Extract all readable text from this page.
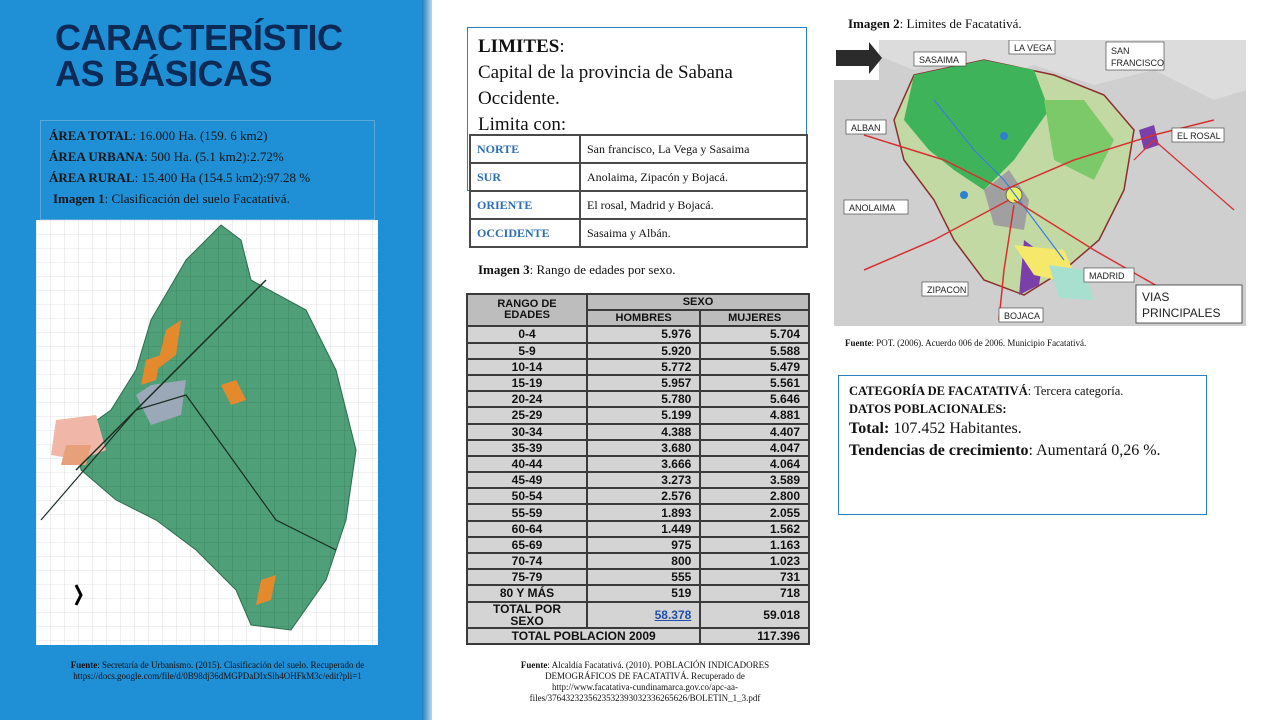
CARACTERÍSTIC AS BÁSICAS
ÁREA TOTAL: 16.000 Ha. (159. 6 km2)
ÁREA URBANA: 500 Ha. (5.1 km2):2.72%
ÁREA RURAL: 15.400 Ha (154.5 km2):97.28 %
Imagen 1: Clasificación del suelo Facatativá.
Fuente: Secretaría de Urbanismo. (2015). Clasificación del suelo. Recuperado de https://docs.google.com/file/d/0B98dj36dMGPDaDIxSlh4OHFkM3c/edit?pli=1
LIMITES:
Capital de la provincia de Sabana Occidente.
Limita con:
NORTE	San francisco, La Vega y Sasaima
SUR	Anolaima, Zipacón y Bojacá.
ORIENTE	El rosal, Madrid y Bojacá.
OCCIDENTE	Sasaima y Albán.
Imagen 3: Rango de edades por sexo.
RANGO DE EDADES	SEXO	
	HOMBRES	MUJERES
0-4	5.976	5.704
5-9	5.920	5.588
10-14	5.772	5.479
15-19	5.957	5.561
20-24	5.780	5.646
25-29	5.199	4.881
30-34	4.388	4.407
35-39	3.680	4.047
40-44	3.666	4.064
45-49	3.273	3.589
50-54	2.576	2.800
55-59	1.893	2.055
60-64	1.449	1.562
65-69	975	1.163
70-74	800	1.023
75-79	555	731
80 Y MÁS	519	718
TOTAL POR SEXO	58.378	59.018
TOTAL POBLACION 2009		117.396
Fuente: Alcaldía Facatativá. (2010). POBLACIÓN INDICADORES DEMOGRÁFICOS DE FACATATIVÁ. Recuperado de http://www.facatativa-cundinamarca.gov.co/apc-aa-files/3764323235623532393032336265626/BOLETIN_1_3.pdf
Imagen 2: Limites de Facatativá.
SASAIMA
LA VEGA	SAN
FRANCISCO
ALBAN
EL ROSAL
ANOLAIMA
MADRID
ZIPACON
BOJACA
VIAS
PRINCIPALES
Fuente: POT. (2006). Acuerdo 006 de 2006. Municipio Facatativá.
CATEGORÍA DE FACATATIVÁ: Tercera categoría.
DATOS POBLACIONALES:
Total: 107.452 Habitantes.
Tendencias de crecimiento: Aumentará 0,26 %.
